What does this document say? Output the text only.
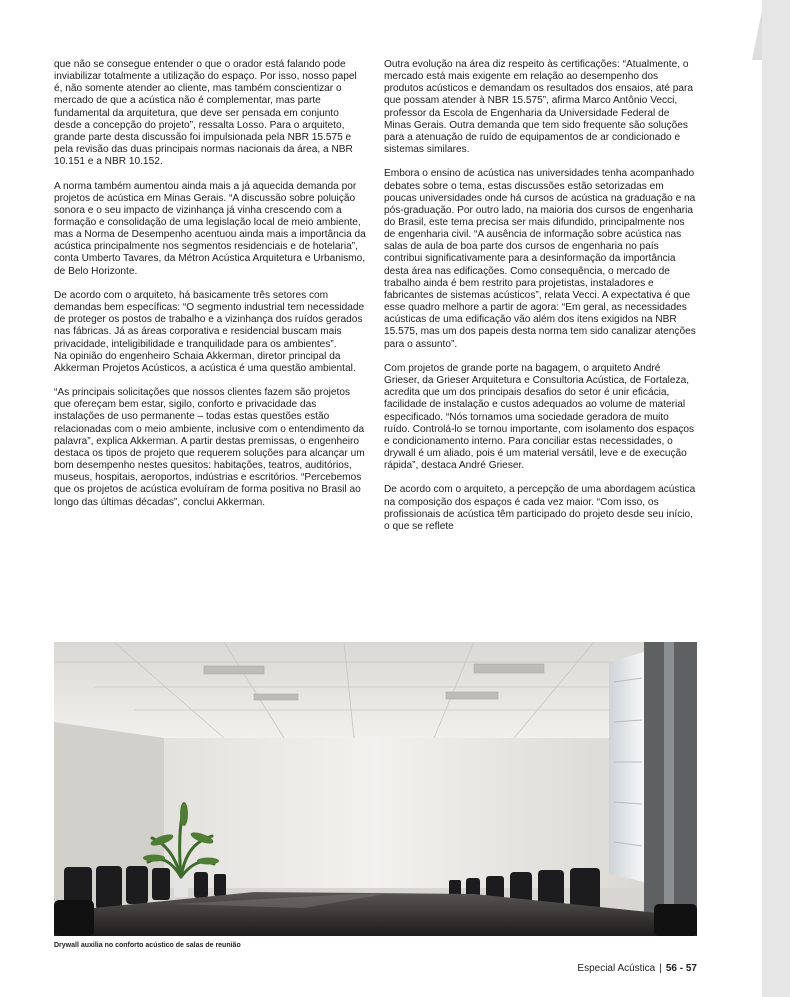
que não se consegue entender o que o orador está falando pode inviabilizar totalmente a utilização do espaço. Por isso, nosso papel é, não somente atender ao cliente, mas também conscientizar o mercado de que a acústica não é complementar, mas parte fundamental da arquitetura, que deve ser pensada em conjunto desde a concepção do projeto”, ressalta Losso. Para o arquiteto, grande parte desta discussão foi impulsionada pela NBR 15.575 e pela revisão das duas principais normas nacionais da área, a NBR 10.151 e a NBR 10.152.

A norma também aumentou ainda mais a já aquecida demanda por projetos de acústica em Minas Gerais. “A discussão sobre poluição sonora e o seu impacto de vizinhança já vinha crescendo com a formação e consolidação de uma legislação local de meio ambiente, mas a Norma de Desempenho acentuou ainda mais a importância da acústica principalmente nos segmentos residenciais e de hotelaria”, conta Umberto Tavares, da Métron Acústica Arquitetura e Urbanismo, de Belo Horizonte.

De acordo com o arquiteto, há basicamente três setores com demandas bem específicas: “O segmento industrial tem necessidade de proteger os postos de trabalho e a vizinhança dos ruídos gerados nas fábricas. Já as áreas corporativa e residencial buscam mais privacidade, inteligibilidade e tranquilidade para os ambientes”.

Na opinião do engenheiro Schaia Akkerman, diretor principal da Akkerman Projetos Acústicos, a acústica é uma questão ambiental.

“As principais solicitações que nossos clientes fazem são projetos que ofereçam bem estar, sigilo, conforto e privacidade das instalações de uso permanente – todas estas questões estão relacionadas com o meio ambiente, inclusive com o entendimento da palavra”, explica Akkerman. A partir destas premissas, o engenheiro destaca os tipos de projeto que requerem soluções para alcançar um bom desempenho nestes quesitos: habitações, teatros, auditórios, museus, hospitais, aeroportos, indústrias e escritórios. “Percebemos que os projetos de acústica evoluíram de forma positiva no Brasil ao longo das últimas décadas”, conclui Akkerman.

Outra evolução na área diz respeito às certificações: “Atualmente, o mercado está mais exigente em relação ao desempenho dos produtos acústicos e demandam os resultados dos ensaios, até para que possam atender à NBR 15.575”, afirma Marco Antônio Vecci, professor da Escola de Engenharia da Universidade Federal de Minas Gerais. Outra demanda que tem sido frequente são soluções para a atenuação de ruído de equipamentos de ar condicionado e sistemas similares.

Embora o ensino de acústica nas universidades tenha acompanhado debates sobre o tema, estas discussões estão setorizadas em poucas universidades onde há cursos de acústica na graduação e na pós-graduação. Por outro lado, na maioria dos cursos de engenharia do Brasil, este tema precisa ser mais difundido, principalmente nos de engenharia civil. “A ausência de informação sobre acústica nas salas de aula de boa parte dos cursos de engenharia no país contribui significativamente para a desinformação da importância desta área nas edificações. Como consequência, o mercado de trabalho ainda é bem restrito para projetistas, instaladores e fabricantes de sistemas acústicos”, relata Vecci. A expectativa é que esse quadro melhore a partir de agora: “Em geral, as necessidades acústicas de uma edificação vão além dos itens exigidos na NBR 15.575, mas um dos papeis desta norma tem sido canalizar atenções para o assunto”.

Com projetos de grande porte na bagagem, o arquiteto André Grieser, da Grieser Arquitetura e Consultoria Acústica, de Fortaleza, acredita que um dos principais desafios do setor é unir eficácia, facilidade de instalação e custos adequados ao volume de material especificado. “Nós tornamos uma sociedade geradora de muito ruído. Controlá-lo se tornou importante, com isolamento dos espaços e condicionamento interno. Para conciliar estas necessidades, o drywall é um aliado, pois é um material versátil, leve e de execução rápida”, destaca André Grieser.

De acordo com o arquiteto, a percepção de uma abordagem acústica na composição dos espaços é cada vez maior. “Com isso, os profissionais de acústica têm participado do projeto desde seu início, o que se reflete

Drywall auxilia no conforto acústico de salas de reunião
Especial Acústica | 56 - 57
